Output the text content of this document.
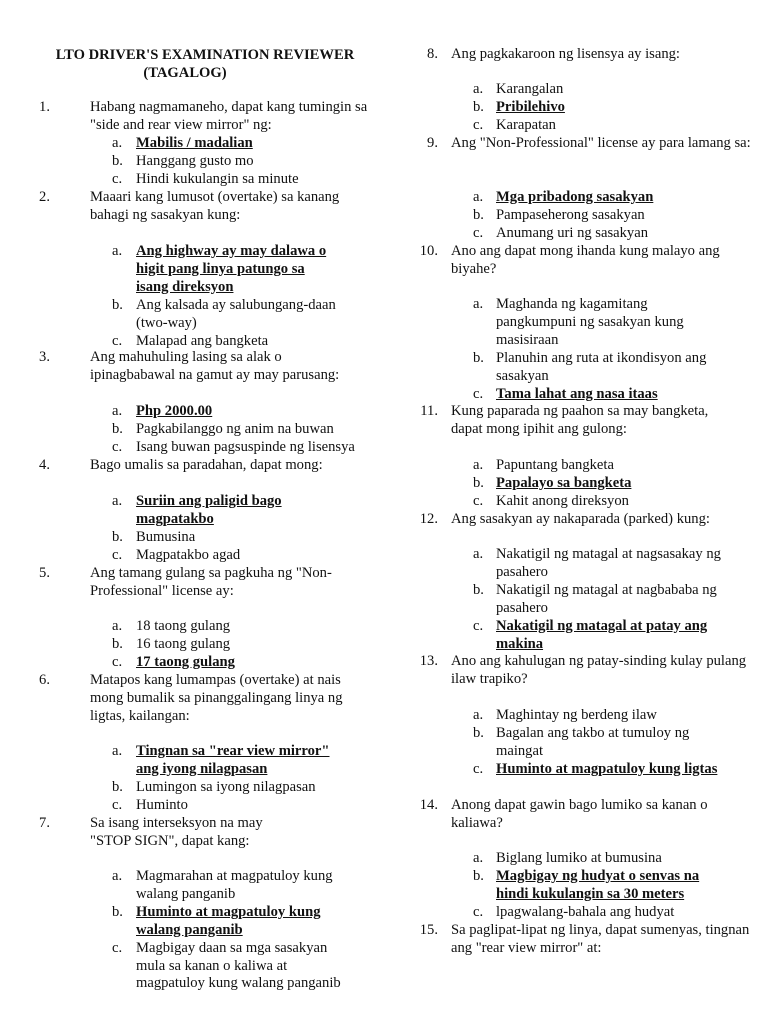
LTO DRIVER'S EXAMINATION REVIEWER
(TAGALOG)
1.	Habang nagmamaneho, dapat kang tumingin sa "side and rear view mirror" ng:
a. Mabilis / madalian
b. Hanggang gusto mo
c. Hindi kukulangin sa minute
2.	Maaari kang lumusot (overtake) sa kanang bahagi ng sasakyan kung:
a. Ang highway ay may dalawa o higit pang linya patungo sa isang direksyon
b. Ang kalsada ay salubungang-daan (two-way)
c. Malapad ang bangketa
3.	Ang mahuhuling lasing sa alak o ipinagbabawal na gamut ay may parusang:
a. Php 2000.00
b. Pagkabilanggo ng anim na buwan
c. Isang buwan pagsuspinde ng lisensya
4.	Bago umalis sa paradahan, dapat mong:
a. Suriin ang paligid bago magpatakbo
b. Bumusina
c. Magpatakbo agad
5.	Ang tamang gulang sa pagkuha ng "Non-Professional" license ay:
a. 18 taong gulang
b. 16 taong gulang
c. 17 taong gulang
6.	Matapos kang lumampas (overtake) at nais mong bumalik sa pinanggalingang linya ng ligtas, kailangan:
a. Tingnan sa "rear view mirror" ang iyong nilagpasan
b. Lumingon sa iyong nilagpasan
c. Huminto
7.	Sa isang interseksyon na may "STOP SIGN", dapat kang:
a. Magmarahan at magpatuloy kung walang panganib
b. Huminto at magpatuloy kung walang panganib
c. Magbigay daan sa mga sasakyan mula sa kanan o kaliwa at magpatuloy kung walang panganib
8. Ang pagkakaroon ng lisensya ay isang:
a. Karangalan
b. Pribilehivo
c. Karapatan
9. Ang "Non-Professional" license ay para lamang sa:
a. Mga pribadong sasakyan
b. Pampaseherong sasakyan
c. Anumang uri ng sasakyan
10. Ano ang dapat mong ihanda kung malayo ang biyahe?
a. Maghanda ng kagamitang pangkumpuni ng sasakyan kung masisiraan
b. Planuhin ang ruta at ikondisyon ang sasakyan
c. Tama lahat ang nasa itaas
11. Kung paparada ng paahon sa may bangketa, dapat mong ipihit ang gulong:
a. Papuntang bangketa
b. Papalayo sa bangketa
c. Kahit anong direksyon
12. Ang sasakyan ay nakaparada (parked) kung:
a. Nakatigil ng matagal at nagsasakay ng pasahero
b. Nakatigil ng matagal at nagbababa ng pasahero
c. Nakatigil ng matagal at patay ang makina
13. Ano ang kahulugan ng patay-sinding kulay pulang ilaw trapiko?
a. Maghintay ng berdeng ilaw
b. Bagalan ang takbo at tumuloy ng maingat
c. Huminto at magpatuloy kung ligtas
14. Anong dapat gawin bago lumiko sa kanan o kaliawa?
a. Biglang lumiko at bumusina
b. Magbigay ng hudyat o senvas na hindi kukulangin sa 30 meters
c. lpagwalang-bahala ang hudyat
15. Sa paglipat-lipat ng linya, dapat sumenyas, tingnan ang "rear view mirror" at:
